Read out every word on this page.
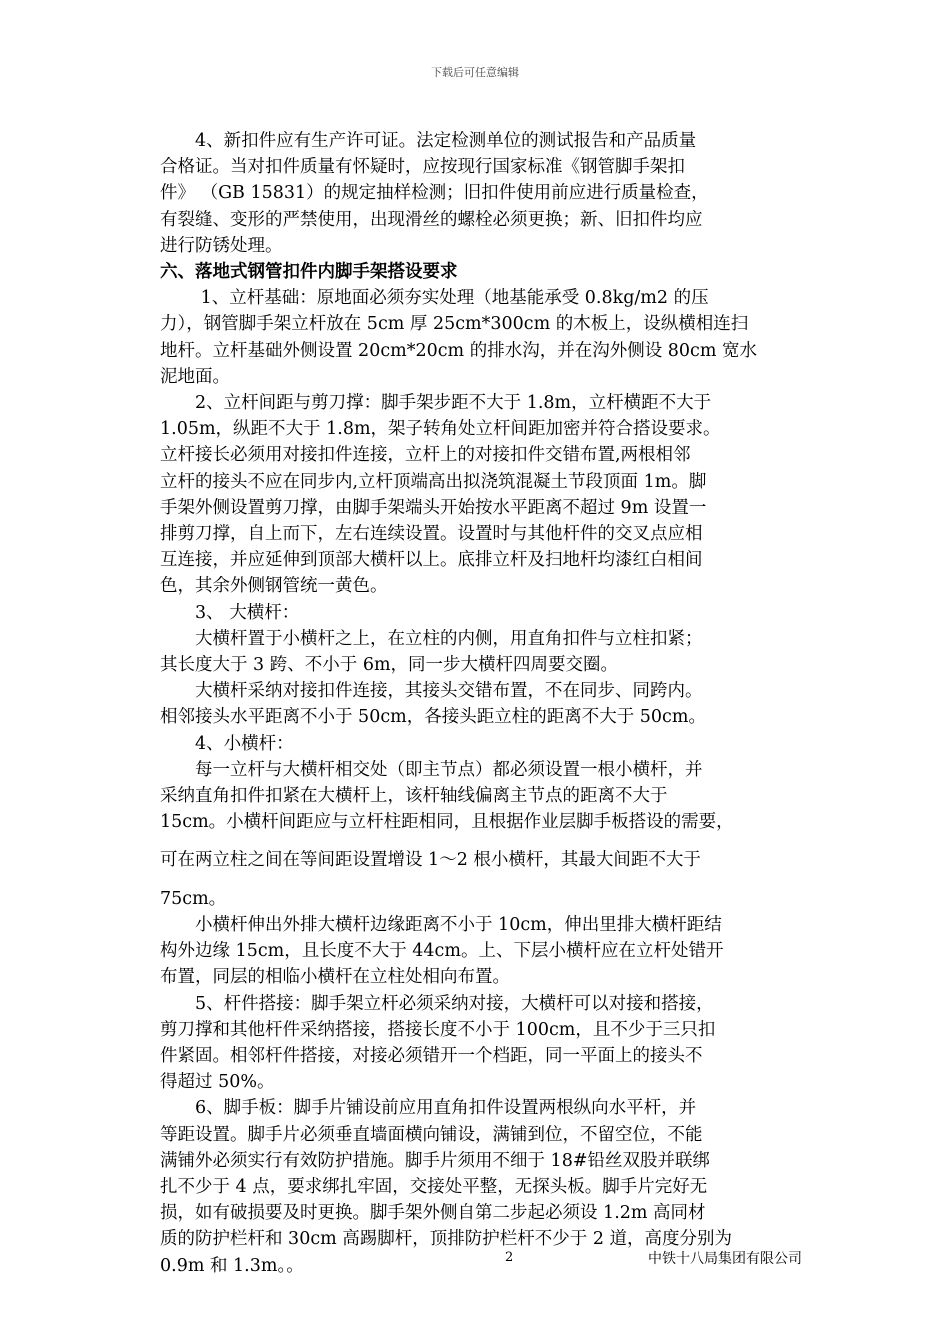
下载后可任意编辑
　　4、新扣件应有生产许可证。法定检测单位的测试报告和产品质量
合格证。当对扣件质量有怀疑时，应按现行国家标准《钢管脚手架扣
件》 （GB 15831）的规定抽样检测；旧扣件使用前应进行质量检查，
有裂缝、变形的严禁使用，出现滑丝的螺栓必须更换；新、旧扣件均应
进行防锈处理。
六、落地式钢管扣件内脚手架搭设要求
　　 1、立杆基础：原地面必须夯实处理（地基能承受 0.8kg/m2 的压
力），钢管脚手架立杆放在 5cm 厚 25cm*300cm 的木板上，设纵横相连扫
地杆。立杆基础外侧设置 20cm*20cm 的排水沟，并在沟外侧设 80cm 宽水
泥地面。
　　2、立杆间距与剪刀撑：脚手架步距不大于 1.8m，立杆横距不大于
1.05m，纵距不大于 1.8m，架子转角处立杆间距加密并符合搭设要求。
立杆接长必须用对接扣件连接，立杆上的对接扣件交错布置,两根相邻
立杆的接头不应在同步内,立杆顶端高出拟浇筑混凝土节段顶面 1m。脚
手架外侧设置剪刀撑，由脚手架端头开始按水平距离不超过 9m 设置一
排剪刀撑，自上而下，左右连续设置。设置时与其他杆件的交叉点应相
互连接，并应延伸到顶部大横杆以上。底排立杆及扫地杆均漆红白相间
色，其余外侧钢管统一黄色。
　　3、 大横杆：
　　大横杆置于小横杆之上，在立柱的内侧，用直角扣件与立柱扣紧；
其长度大于 3 跨、不小于 6m，同一步大横杆四周要交圈。
　　大横杆采纳对接扣件连接，其接头交错布置，不在同步、同跨内。
相邻接头水平距离不小于 50cm，各接头距立柱的距离不大于 50cm。
　　4、小横杆：
　　每一立杆与大横杆相交处（即主节点）都必须设置一根小横杆，并
采纳直角扣件扣紧在大横杆上，该杆轴线偏离主节点的距离不大于
15cm。小横杆间距应与立杆柱距相同，且根据作业层脚手板搭设的需要，
可在两立柱之间在等间距设置增设 1～2 根小横杆，其最大间距不大于
75cm。
　　小横杆伸出外排大横杆边缘距离不小于 10cm，伸出里排大横杆距结
构外边缘 15cm，且长度不大于 44cm。上、下层小横杆应在立杆处错开
布置，同层的相临小横杆在立柱处相向布置。
　　5、杆件搭接：脚手架立杆必须采纳对接，大横杆可以对接和搭接，
剪刀撑和其他杆件采纳搭接，搭接长度不小于 100cm，且不少于三只扣
件紧固。相邻杆件搭接，对接必须错开一个档距，同一平面上的接头不
得超过 50%。
　　6、脚手板：脚手片铺设前应用直角扣件设置两根纵向水平杆，并
等距设置。脚手片必须垂直墙面横向铺设，满铺到位，不留空位，不能
满铺外必须实行有效防护措施。脚手片须用不细于 18#铅丝双股并联绑
扎不少于 4 点，要求绑扎牢固，交接处平整，无探头板。脚手片完好无
损，如有破损要及时更换。脚手架外侧自第二步起必须设 1.2m 高同材
质的防护栏杆和 30cm 高踢脚杆，顶排防护栏杆不少于 2 道，高度分别为
0.9m 和 1.3m。。	2	中铁十八局集团有限公司
